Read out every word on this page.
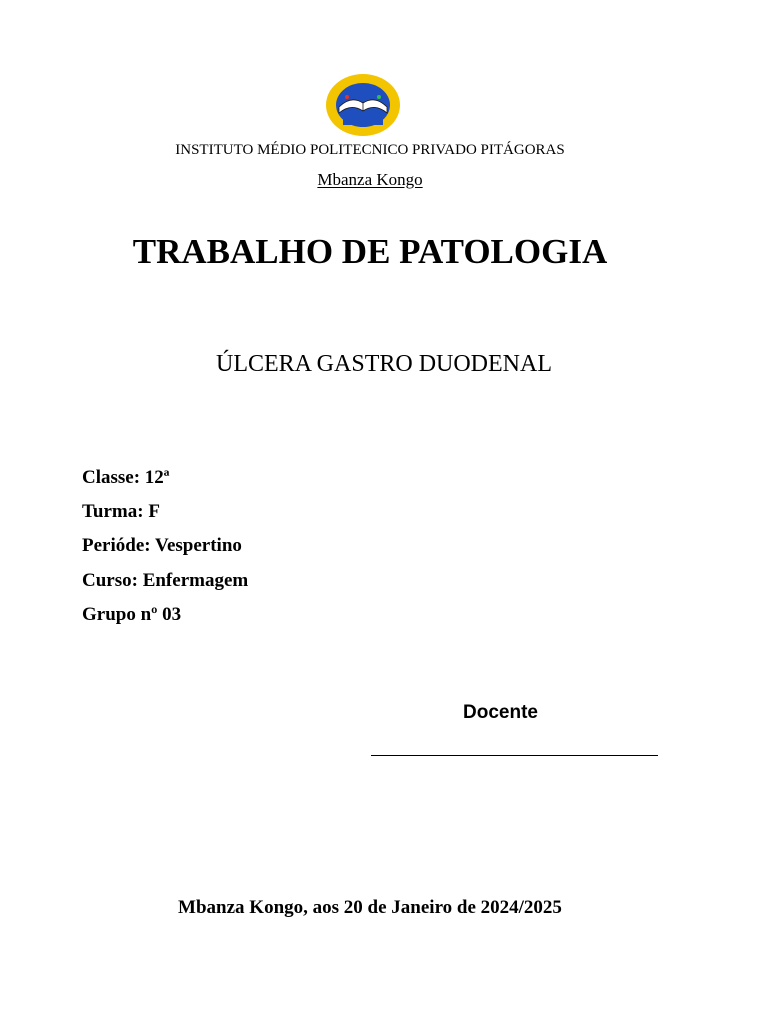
INSTITUTO MÉDIO POLITECNICO PRIVADO PITÁGORAS
Mbanza Kongo
TRABALHO DE PATOLOGIA
ÚLCERA GASTRO DUODENAL
Classe: 12ª
Turma: F
Perióde: Vespertino
Curso: Enfermagem
Grupo nº 03
Docente
Mbanza Kongo, aos 20 de Janeiro de 2024/2025
